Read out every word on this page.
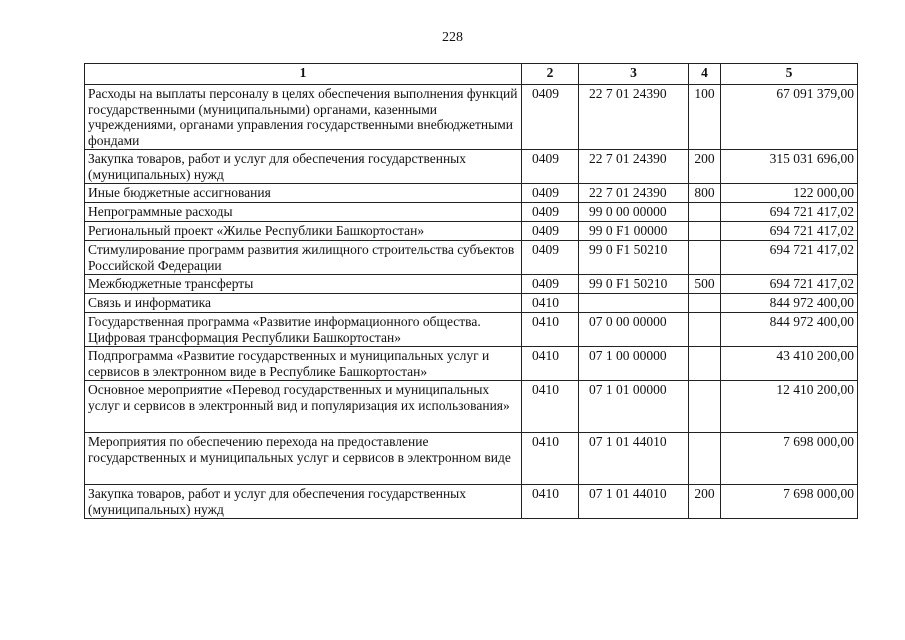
228
1	2	3	4	5
Расходы на выплаты персоналу в целях обеспечения выполнения функций государственными (муниципальными) органами, казенными учреждениями, органами управления государственными внебюджетными фондами	0409	22 7 01 24390	100	67 091 379,00
Закупка товаров, работ и услуг для обеспечения государственных (муниципальных) нужд	0409	22 7 01 24390	200	315 031 696,00
Иные бюджетные ассигнования	0409	22 7 01 24390	800	122 000,00
Непрограммные расходы	0409	99 0 00 00000		694 721 417,02
Региональный проект «Жилье Республики Башкортостан»	0409	99 0 F1 00000		694 721 417,02
Стимулирование программ развития жилищного строительства субъектов Российской Федерации	0409	99 0 F1 50210		694 721 417,02
Межбюджетные трансферты	0409	99 0 F1 50210	500	694 721 417,02
Связь и информатика	0410			844 972 400,00
Государственная программа «Развитие информационного общества. Цифровая трансформация Республики Башкортостан»	0410	07 0 00 00000		844 972 400,00
Подпрограмма «Развитие государственных и муниципальных услуг и сервисов в электронном виде в Республике Башкортостан»	0410	07 1 00 00000		43 410 200,00
Основное мероприятие «Перевод государственных и муниципальных услуг и сервисов в электронный вид и популяризация их использования»	0410	07 1 01 00000		12 410 200,00
Мероприятия по обеспечению перехода на предоставление государственных и муниципальных услуг и сервисов в электронном виде	0410	07 1 01 44010		7 698 000,00
Закупка товаров, работ и услуг для обеспечения государственных (муниципальных) нужд	0410	07 1 01 44010	200	7 698 000,00
